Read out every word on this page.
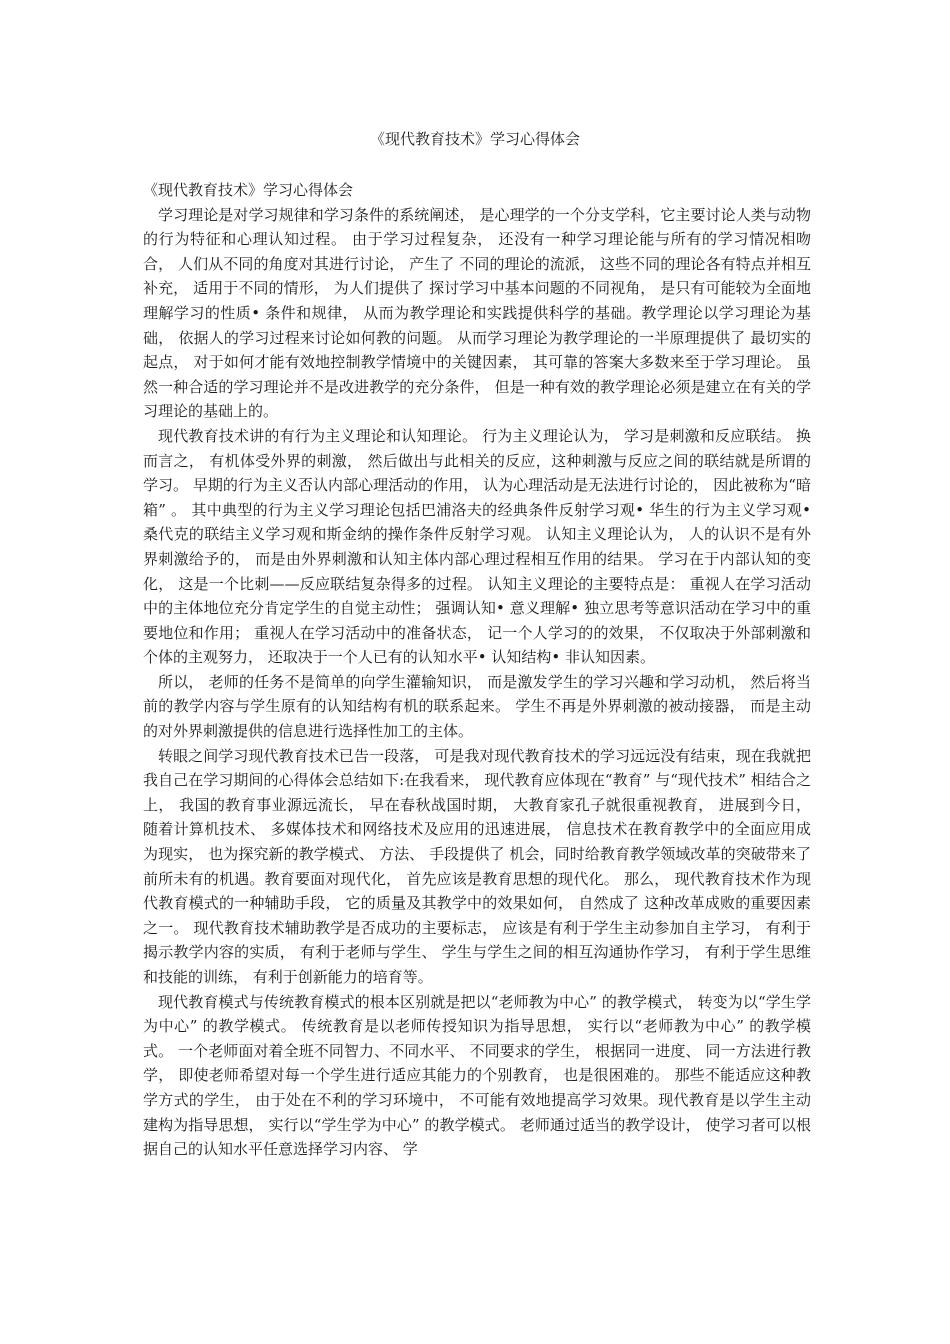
《现代教育技术》学习心得体会

《现代教育技术》学习心得体会

学习理论是对学习规律和学习条件的系统阐述， 是心理学的一个分支学科，它主要讨论人类与动物的行为特征和心理认知过程。 由于学习过程复杂， 还没有一种学习理论能与所有的学习情况相吻合， 人们从不同的角度对其进行讨论， 产生了 不同的理论的流派， 这些不同的理论各有特点并相互补充， 适用于不同的情形， 为人们提供了 探讨学习中基本问题的不同视角， 是只有可能较为全面地理解学习的性质• 条件和规律， 从而为教学理论和实践提供科学的基础。教学理论以学习理论为基础， 依据人的学习过程来讨论如何教的问题。 从而学习理论为教学理论的一半原理提供了 最切实的起点， 对于如何才能有效地控制教学情境中的关键因素， 其可靠的答案大多数来至于学习理论。 虽然一种合适的学习理论并不是改进教学的充分条件， 但是一种有效的教学理论必须是建立在有关的学习理论的基础上的。

现代教育技术讲的有行为主义理论和认知理论。 行为主义理论认为， 学习是刺激和反应联结。 换而言之， 有机体受外界的刺激， 然后做出与此相关的反应，这种刺激与反应之间的联结就是所谓的学习。 早期的行为主义否认内部心理活动的作用， 认为心理活动是无法进行讨论的， 因此被称为“暗箱” 。 其中典型的行为主义学习理论包括巴浦洛夫的经典条件反射学习观• 华生的行为主义学习观• 桑代克的联结主义学习观和斯金纳的操作条件反射学习观。 认知主义理论认为， 人的认识不是有外界刺激给予的， 而是由外界刺激和认知主体内部心理过程相互作用的结果。 学习在于内部认知的变化， 这是一个比刺——反应联结复杂得多的过程。 认知主义理论的主要特点是： 重视人在学习活动中的主体地位充分肯定学生的自觉主动性； 强调认知• 意义理解• 独立思考等意识活动在学习中的重要地位和作用； 重视人在学习活动中的准备状态， 记一个人学习的的效果， 不仅取决于外部刺激和个体的主观努力， 还取决于一个人已有的认知水平• 认知结构• 非认知因素。

所以， 老师的任务不是简单的向学生灌输知识， 而是激发学生的学习兴趣和学习动机， 然后将当前的教学内容与学生原有的认知结构有机的联系起来。 学生不再是外界刺激的被动接器， 而是主动的对外界刺激提供的信息进行选择性加工的主体。

转眼之间学习现代教育技术已告一段落， 可是我对现代教育技术的学习远远没有结束，现在我就把我自己在学习期间的心得体会总结如下:在我看来， 现代教育应体现在“教育” 与“现代技术” 相结合之上， 我国的教育事业源远流长， 早在春秋战国时期， 大教育家孔子就很重视教育， 进展到今日， 随着计算机技术、 多媒体技术和网络技术及应用的迅速进展， 信息技术在教育教学中的全面应用成为现实， 也为探究新的教学模式、 方法、 手段提供了 机会，同时给教育教学领域改革的突破带来了 前所未有的机遇。教育要面对现代化， 首先应该是教育思想的现代化。 那么， 现代教育技术作为现代教育模式的一种辅助手段， 它的质量及其教学中的效果如何， 自然成了 这种改革成败的重要因素之一。 现代教育技术辅助教学是否成功的主要标志， 应该是有利于学生主动参加自主学习， 有利于揭示教学内容的实质， 有利于老师与学生、 学生与学生之间的相互沟通协作学习， 有利于学生思维和技能的训练， 有利于创新能力的培育等。

现代教育模式与传统教育模式的根本区别就是把以“老师教为中心” 的教学模式， 转变为以“学生学为中心” 的教学模式。 传统教育是以老师传授知识为指导思想， 实行以“老师教为中心” 的教学模式。 一个老师面对着全班不同智力、不同水平、 不同要求的学生， 根据同一进度、 同一方法进行教学， 即使老师希望对每一个学生进行适应其能力的个别教育， 也是很困难的。 那些不能适应这种教学方式的学生， 由于处在不利的学习环境中， 不可能有效地提高学习效果。现代教育是以学生主动建构为指导思想， 实行以“学生学为中心” 的教学模式。 老师通过适当的教学设计， 使学习者可以根据自己的认知水平任意选择学习内容、 学
